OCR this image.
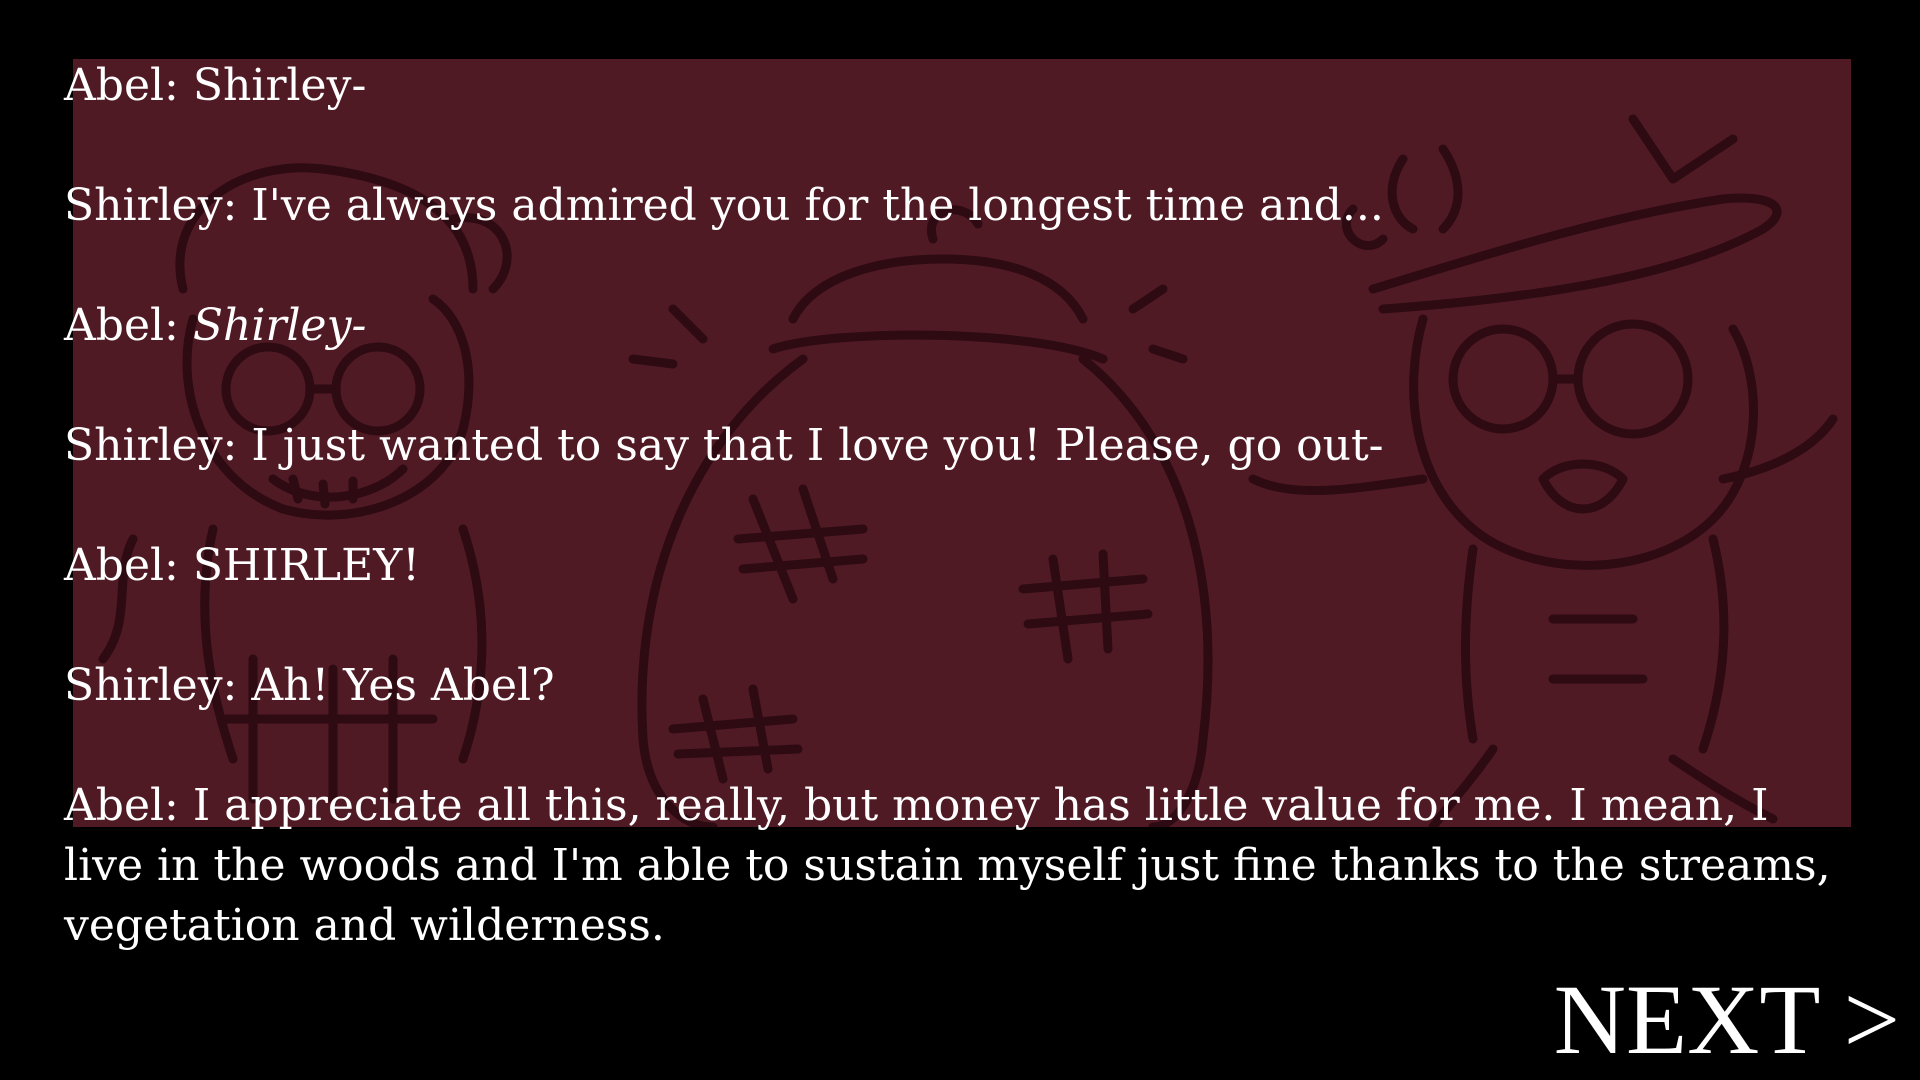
Abel: Shirley-
Shirley: I've always admired you for the longest time and...
Abel: Shirley-
Shirley: I just wanted to say that I love you! Please, go out-
Abel: SHIRLEY!
Shirley: Ah! Yes Abel?
Abel: I appreciate all this, really, but money has little value for me. I mean, I live in the woods and I'm able to sustain myself just fine thanks to the streams, vegetation and wilderness.
NEXT >
